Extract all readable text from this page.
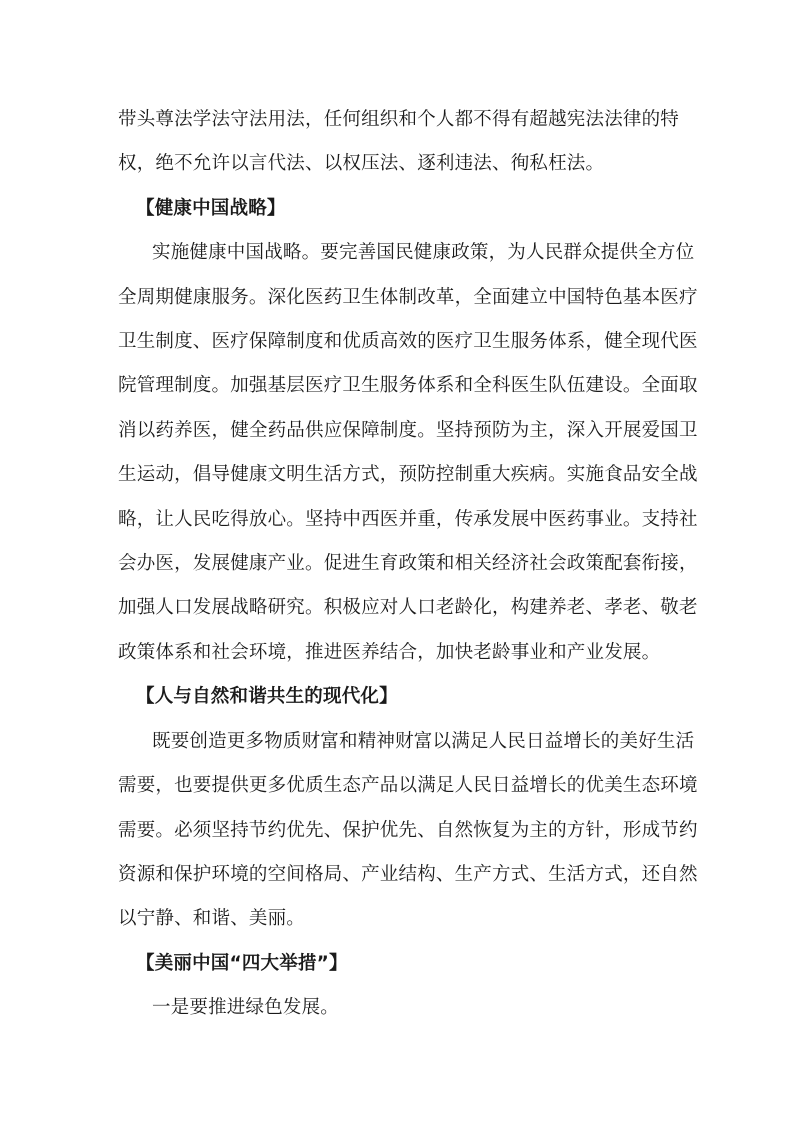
带头尊法学法守法用法，任何组织和个人都不得有超越宪法法律的特
权，绝不允许以言代法、以权压法、逐利违法、徇私枉法。
【健康中国战略】
实施健康中国战略。要完善国民健康政策，为人民群众提供全方位
全周期健康服务。深化医药卫生体制改革，全面建立中国特色基本医疗
卫生制度、医疗保障制度和优质高效的医疗卫生服务体系，健全现代医
院管理制度。加强基层医疗卫生服务体系和全科医生队伍建设。全面取
消以药养医，健全药品供应保障制度。坚持预防为主，深入开展爱国卫
生运动，倡导健康文明生活方式，预防控制重大疾病。实施食品安全战
略，让人民吃得放心。坚持中西医并重，传承发展中医药事业。支持社
会办医，发展健康产业。促进生育政策和相关经济社会政策配套衔接，
加强人口发展战略研究。积极应对人口老龄化，构建养老、孝老、敬老
政策体系和社会环境，推进医养结合，加快老龄事业和产业发展。
【人与自然和谐共生的现代化】
既要创造更多物质财富和精神财富以满足人民日益增长的美好生活
需要，也要提供更多优质生态产品以满足人民日益增长的优美生态环境
需要。必须坚持节约优先、保护优先、自然恢复为主的方针，形成节约
资源和保护环境的空间格局、产业结构、生产方式、生活方式，还自然
以宁静、和谐、美丽。
【美丽中国“四大举措”】
一是要推进绿色发展。
